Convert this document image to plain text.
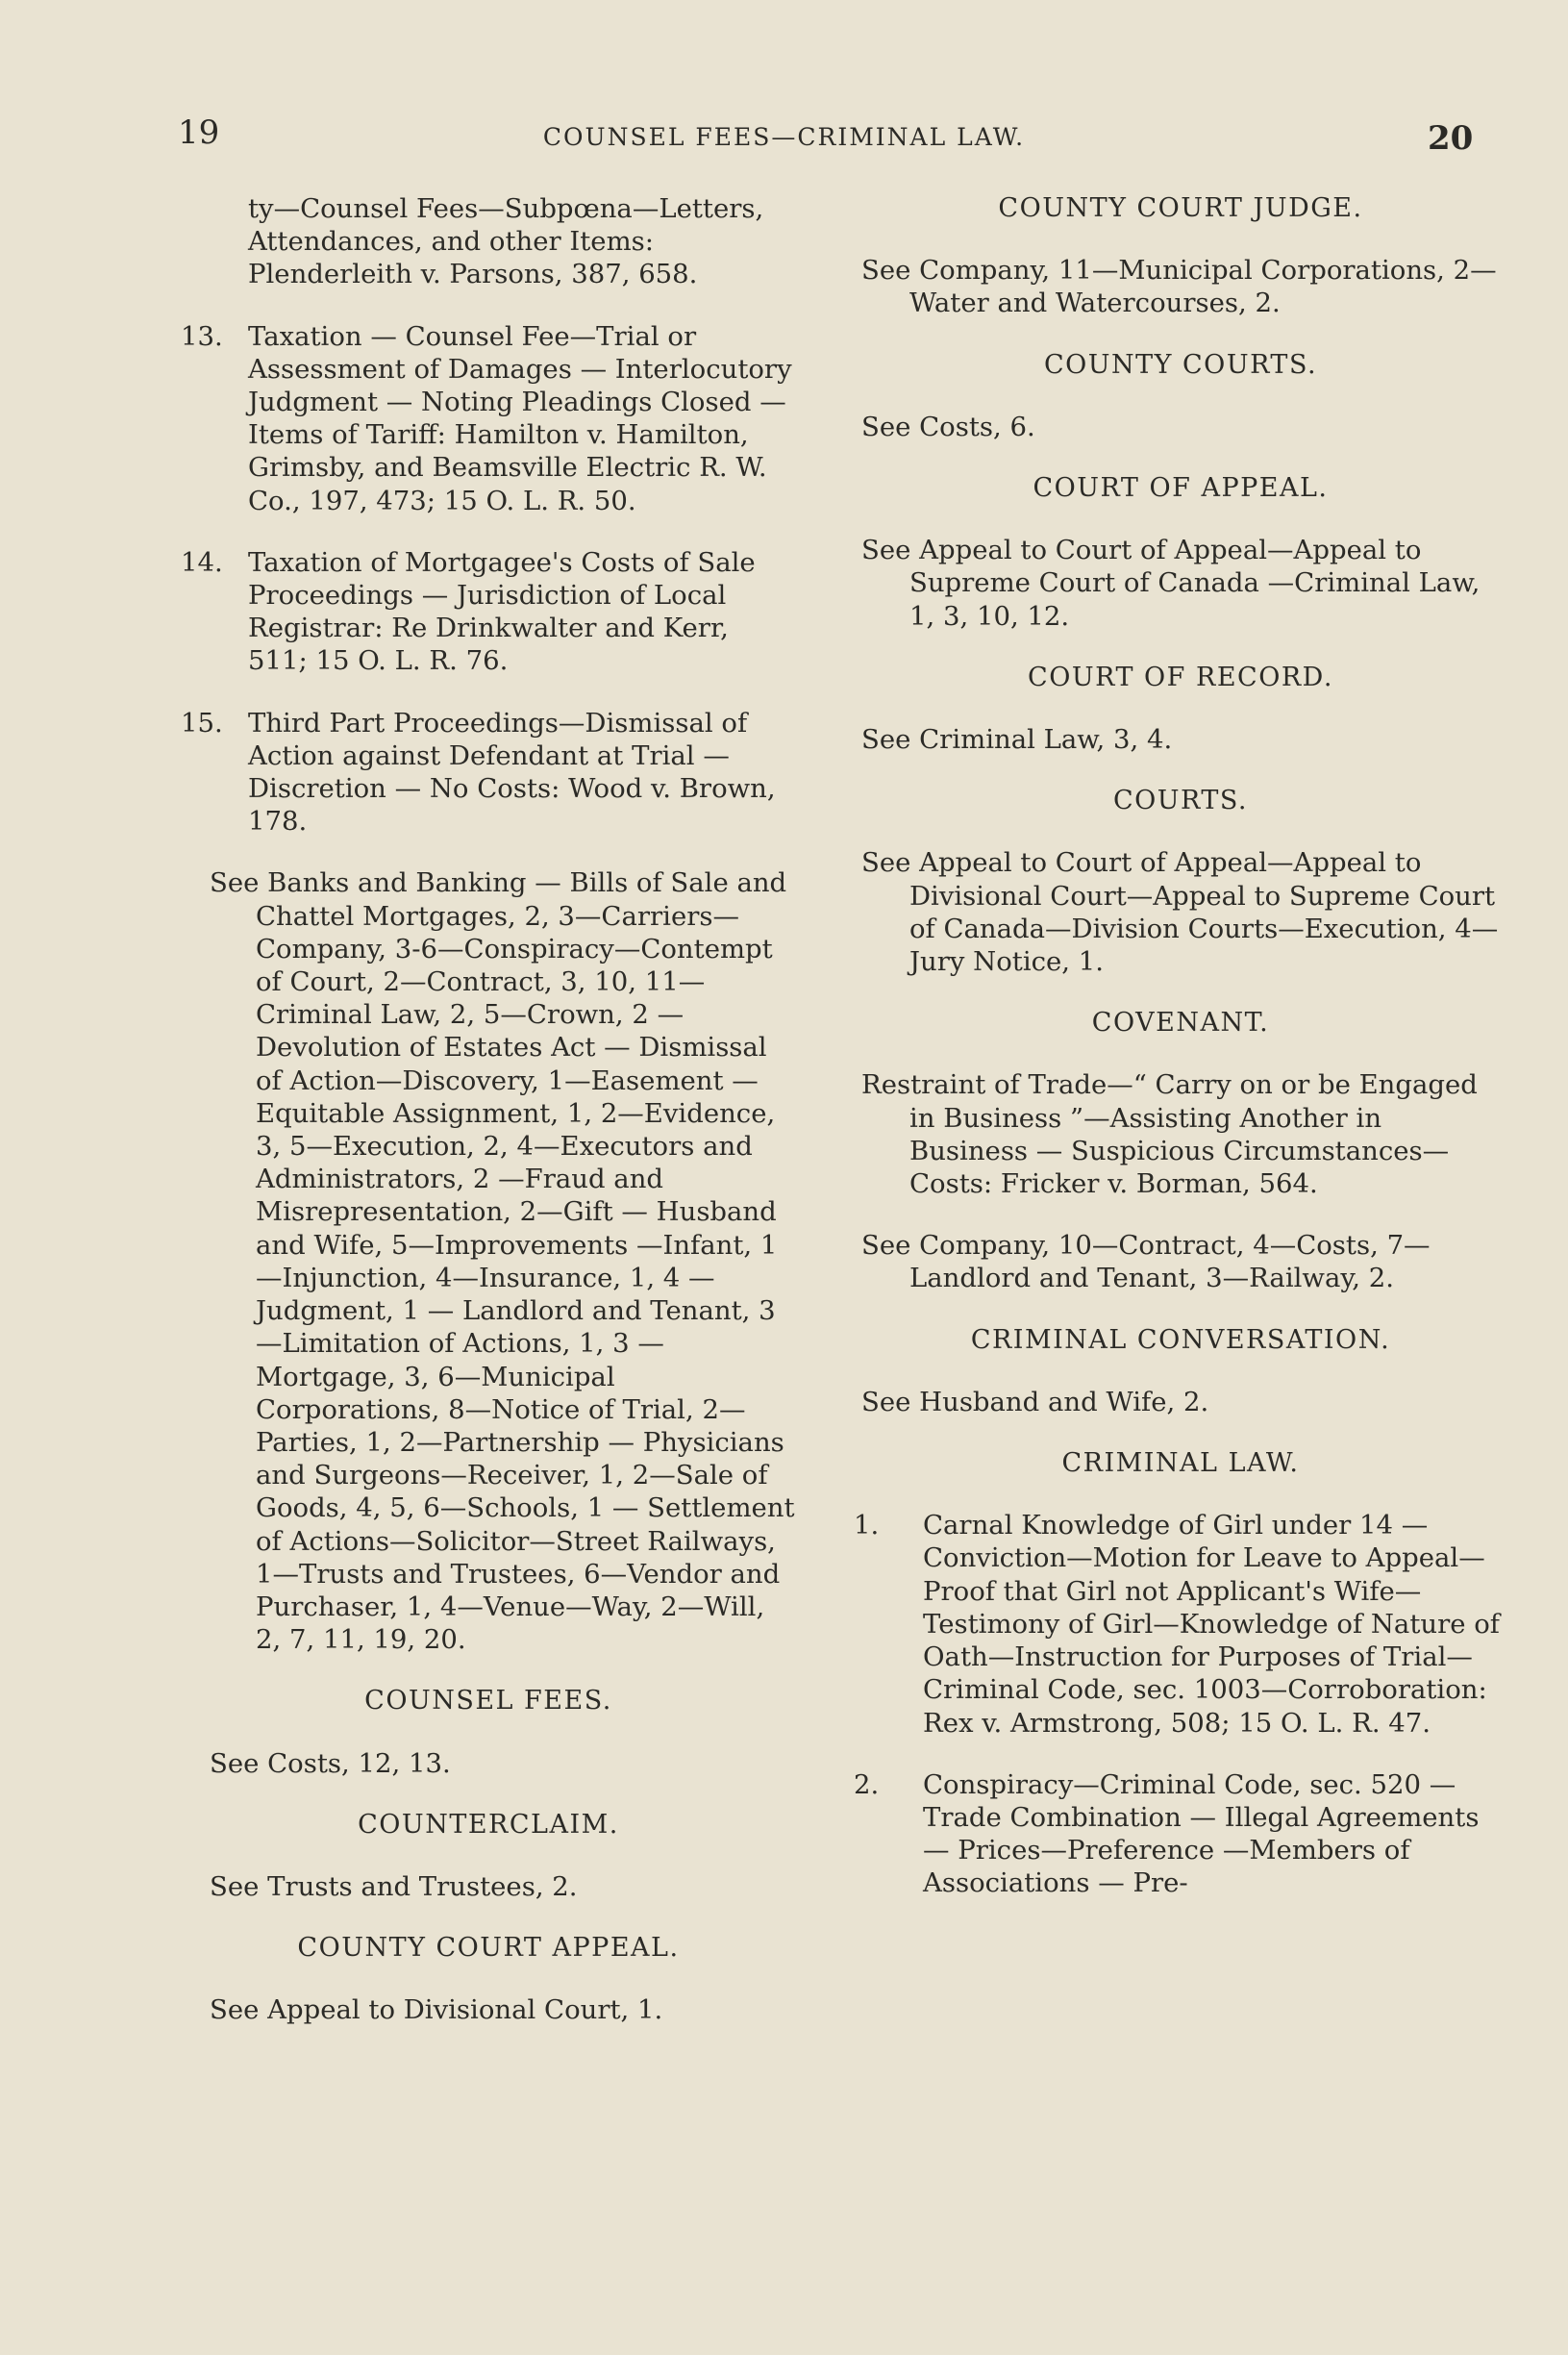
19	COUNSEL FEES—CRIMINAL LAW.	20
ty—Counsel Fees—Subpœna—Letters, Attendances, and other Items: Plenderleith v. Parsons, 387, 658.
13. Taxation — Counsel Fee—Trial or Assessment of Damages — Interlocutory Judgment — Noting Pleadings Closed — Items of Tariff: Hamilton v. Hamilton, Grimsby, and Beamsville Electric R. W. Co., 197, 473; 15 O. L. R. 50.
14. Taxation of Mortgagee's Costs of Sale Proceedings — Jurisdiction of Local Registrar: Re Drinkwalter and Kerr, 511; 15 O. L. R. 76.
15. Third Part Proceedings—Dismissal of Action against Defendant at Trial — Discretion — No Costs: Wood v. Brown, 178.
See Banks and Banking — Bills of Sale and Chattel Mortgages, 2, 3—Carriers—Company, 3-6—Conspiracy—Contempt of Court, 2—Contract, 3, 10, 11—Criminal Law, 2, 5—Crown, 2 — Devolution of Estates Act — Dismissal of Action—Discovery, 1—Easement — Equitable Assignment, 1, 2—Evidence, 3, 5—Execution, 2, 4—Executors and Administrators, 2 —Fraud and Misrepresentation, 2—Gift — Husband and Wife, 5—Improvements —Infant, 1—Injunction, 4—Insurance, 1, 4 — Judgment, 1 — Landlord and Tenant, 3—Limitation of Actions, 1, 3 — Mortgage, 3, 6—Municipal Corporations, 8—Notice of Trial, 2—Parties, 1, 2—Partnership — Physicians and Surgeons—Receiver, 1, 2—Sale of Goods, 4, 5, 6—Schools, 1 — Settlement of Actions—Solicitor—Street Railways, 1—Trusts and Trustees, 6—Vendor and Purchaser, 1, 4—Venue—Way, 2—Will, 2, 7, 11, 19, 20.
COUNSEL FEES.
See Costs, 12, 13.
COUNTERCLAIM.
See Trusts and Trustees, 2.
COUNTY COURT APPEAL.
See Appeal to Divisional Court, 1.
COUNTY COURT JUDGE.
See Company, 11—Municipal Corporations, 2—Water and Watercourses, 2.
COUNTY COURTS.
See Costs, 6.
COURT OF APPEAL.
See Appeal to Court of Appeal—Appeal to Supreme Court of Canada —Criminal Law, 1, 3, 10, 12.
COURT OF RECORD.
See Criminal Law, 3, 4.
COURTS.
See Appeal to Court of Appeal—Appeal to Divisional Court—Appeal to Supreme Court of Canada—Division Courts—Execution, 4—Jury Notice, 1.
COVENANT.
Restraint of Trade—“ Carry on or be Engaged in Business ”—Assisting Another in Business — Suspicious Circumstances—Costs: Fricker v. Borman, 564.
See Company, 10—Contract, 4—Costs, 7—Landlord and Tenant, 3—Railway, 2.
CRIMINAL CONVERSATION.
See Husband and Wife, 2.
CRIMINAL LAW.
1. Carnal Knowledge of Girl under 14 —Conviction—Motion for Leave to Appeal—Proof that Girl not Applicant's Wife—Testimony of Girl—Knowledge of Nature of Oath—Instruction for Purposes of Trial—Criminal Code, sec. 1003—Corroboration: Rex v. Armstrong, 508; 15 O. L. R. 47.
2. Conspiracy—Criminal Code, sec. 520 — Trade Combination — Illegal Agreements — Prices—Preference —Members of Associations — Pre-
